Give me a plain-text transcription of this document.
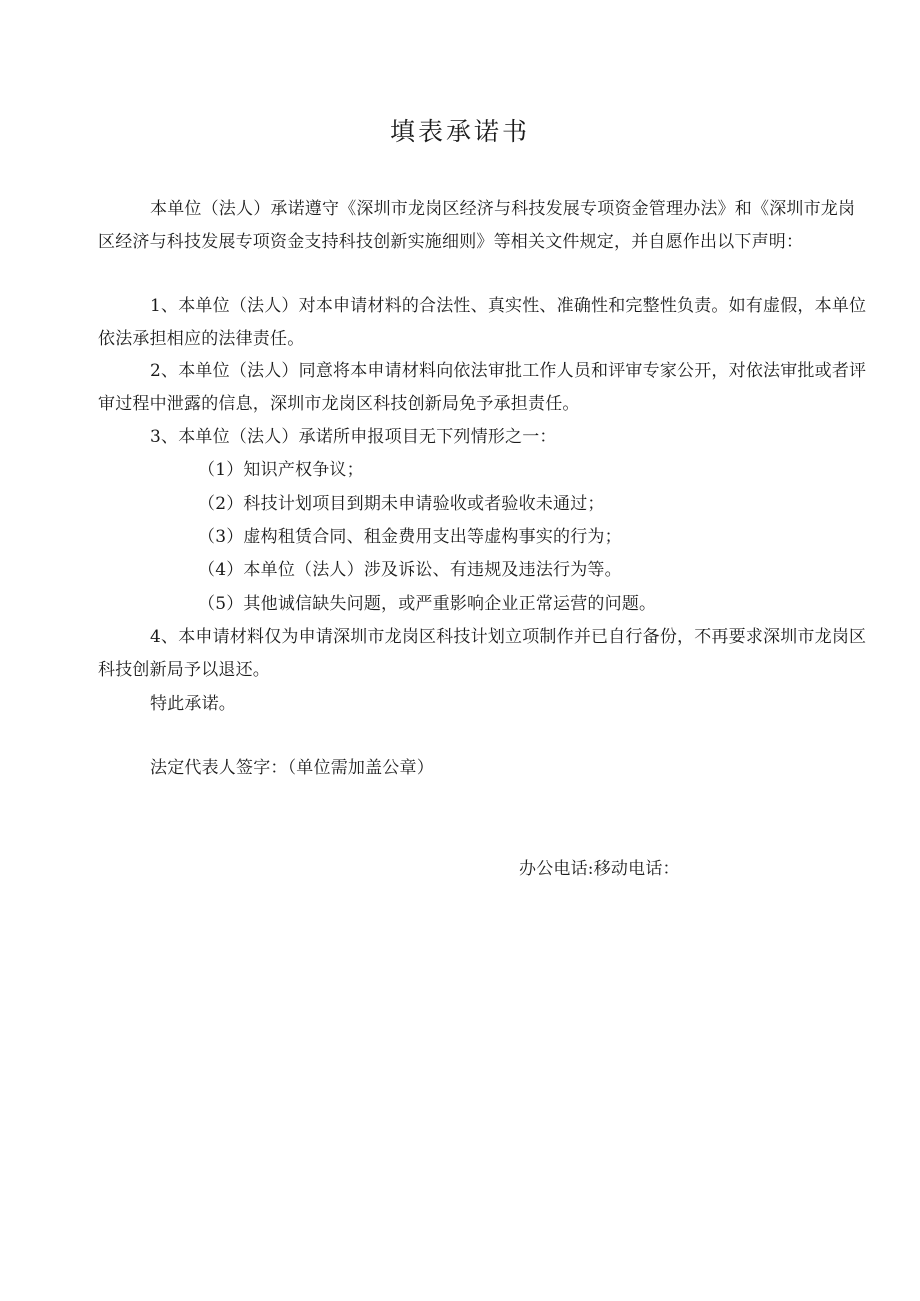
填表承诺书
本单位（法人）承诺遵守《深圳市龙岗区经济与科技发展专项资金管理办法》和《深圳市龙岗区经济与科技发展专项资金支持科技创新实施细则》等相关文件规定，并自愿作出以下声明：
1、本单位（法人）对本申请材料的合法性、真实性、准确性和完整性负责。如有虚假，本单位依法承担相应的法律责任。
2、本单位（法人）同意将本申请材料向依法审批工作人员和评审专家公开，对依法审批或者评审过程中泄露的信息，深圳市龙岗区科技创新局免予承担责任。
3、本单位（法人）承诺所申报项目无下列情形之一：
（1）知识产权争议；
（2）科技计划项目到期未申请验收或者验收未通过；
（3）虚构租赁合同、租金费用支出等虚构事实的行为；
（4）本单位（法人）涉及诉讼、有违规及违法行为等。
（5）其他诚信缺失问题，或严重影响企业正常运营的问题。
4、本申请材料仅为申请深圳市龙岗区科技计划立项制作并已自行备份，不再要求深圳市龙岗区科技创新局予以退还。
特此承诺。
法定代表人签字：（单位需加盖公章）
办公电话:移动电话：
